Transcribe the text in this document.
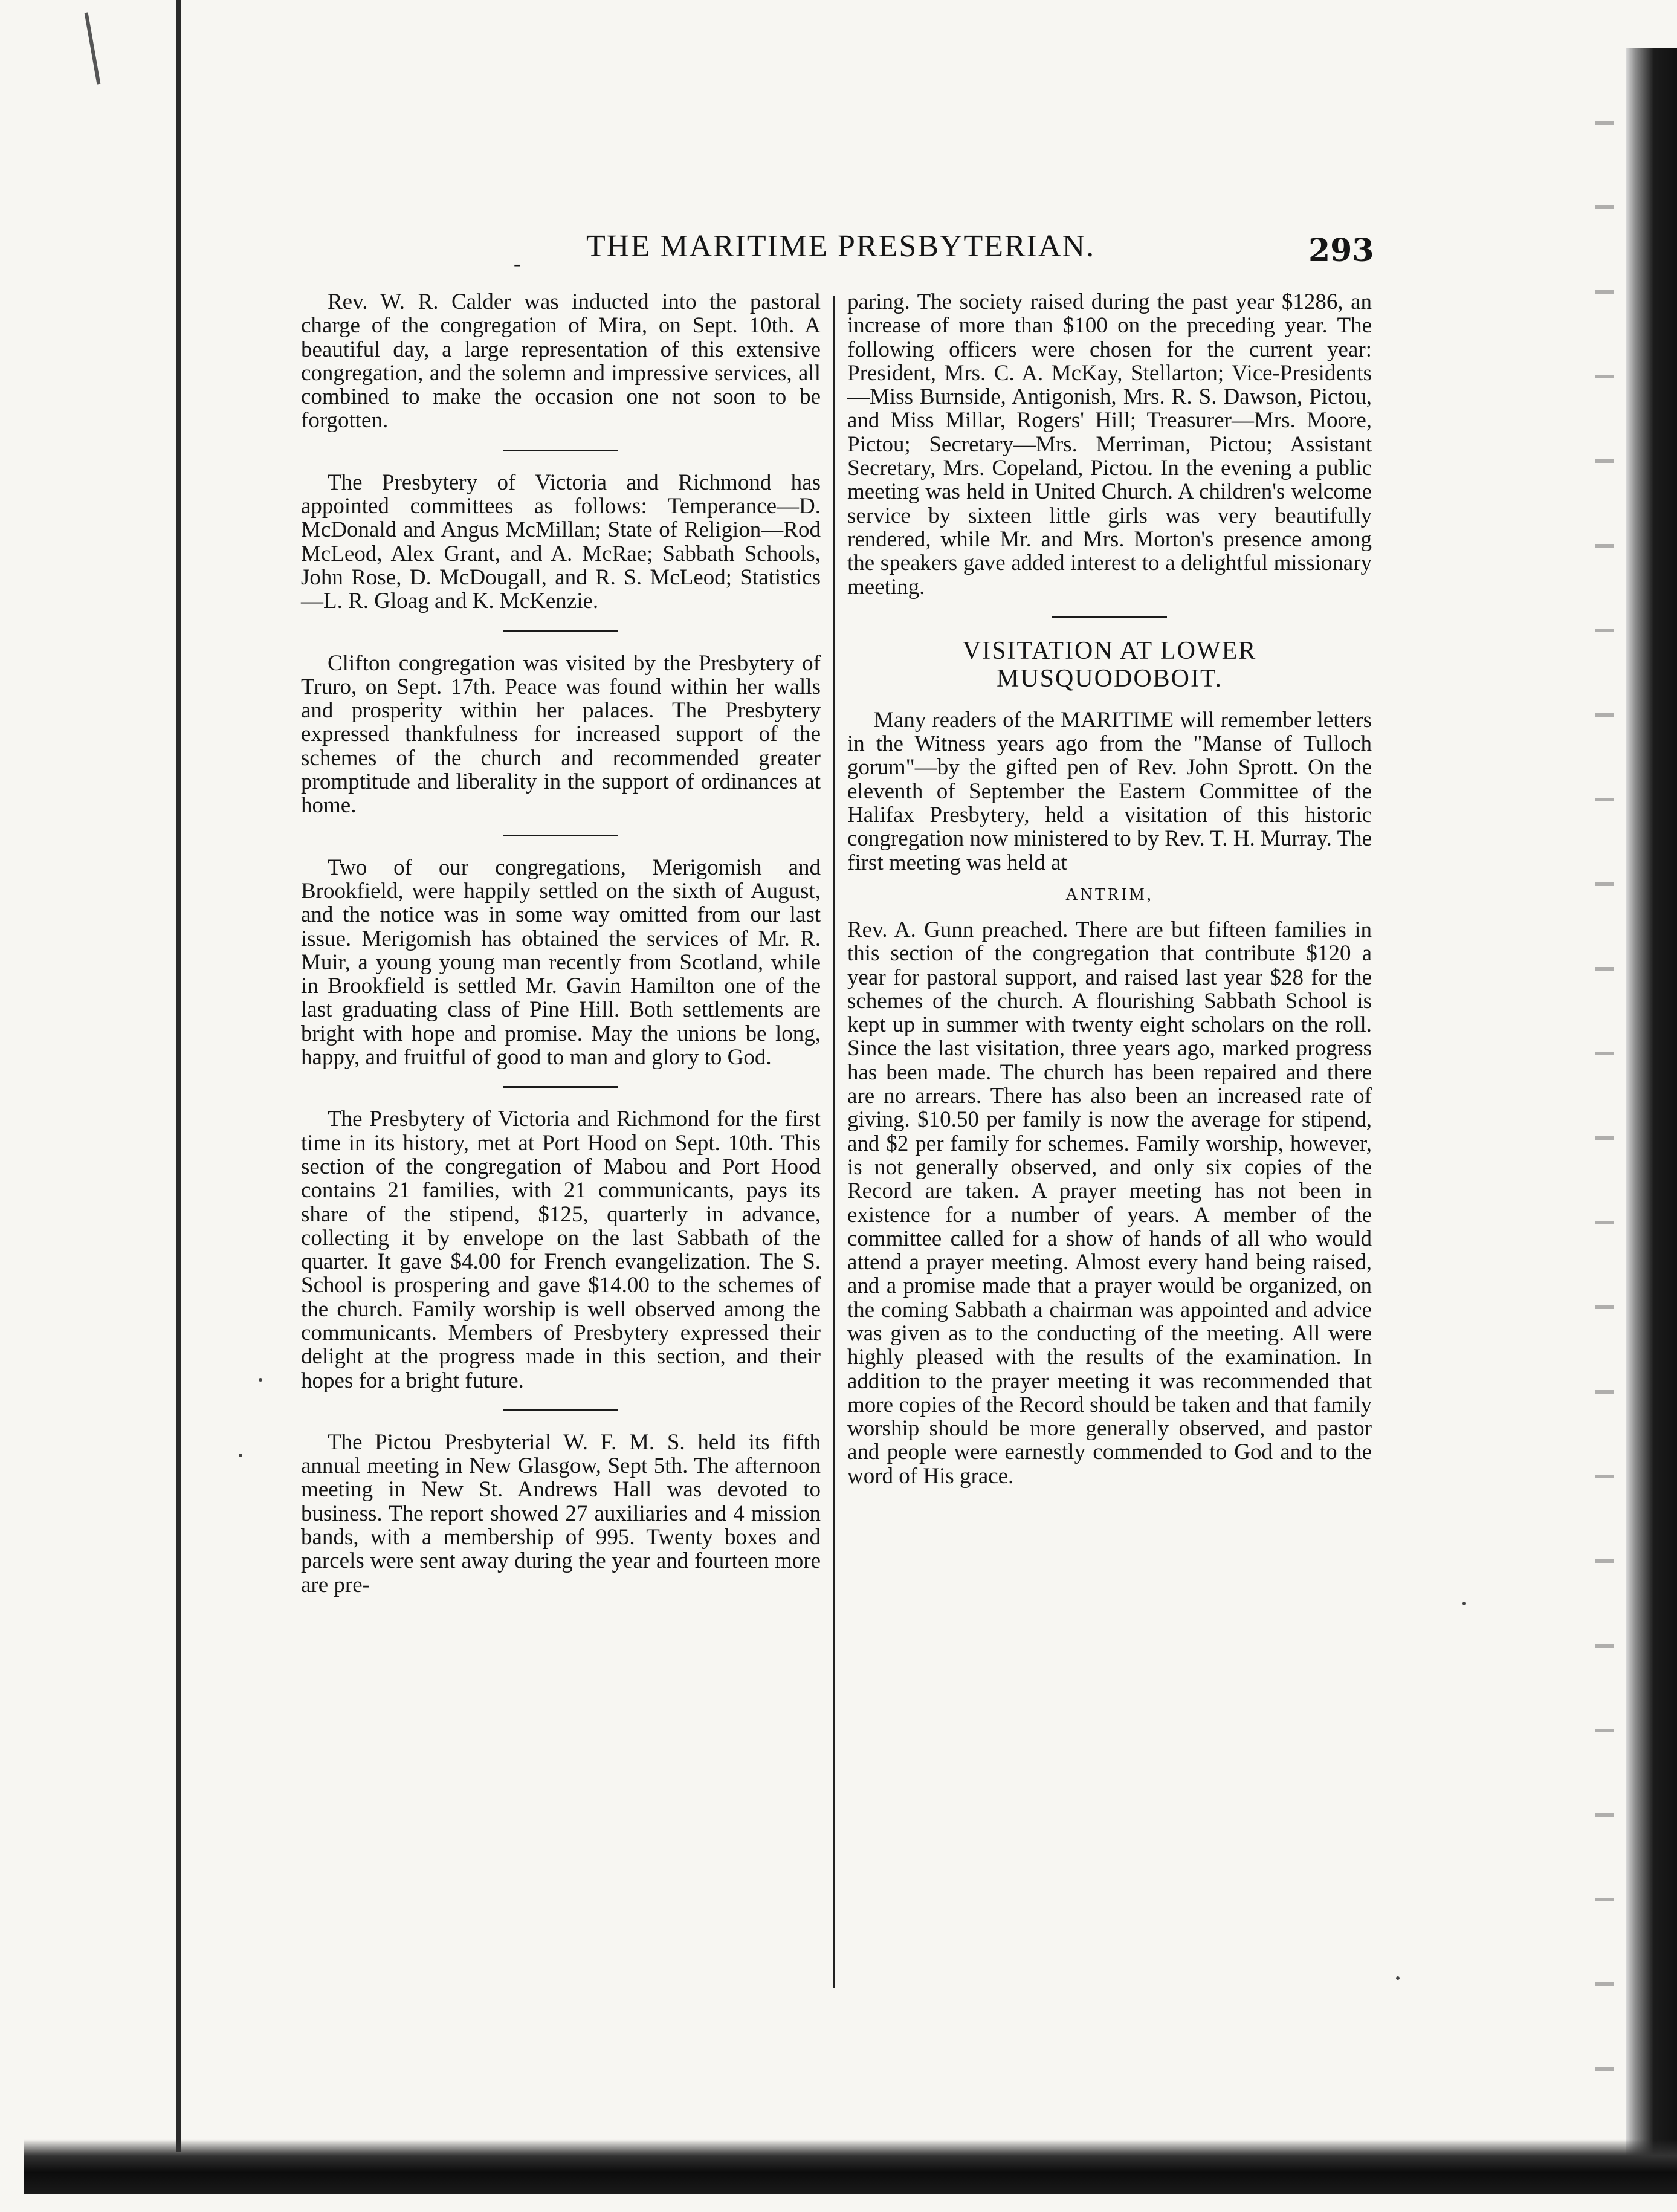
-
THE MARITIME PRESBYTERIAN.	293

Rev. W. R. Calder was inducted into the pastoral charge of the congregation of Mira, on Sept. 10th. A beautiful day, a large representation of this extensive congregation, and the solemn and impressive services, all combined to make the occasion one not soon to be forgotten.

The Presbytery of Victoria and Richmond has appointed committees as follows: Temperance—D. McDonald and Angus McMillan; State of Religion—Rod McLeod, Alex Grant, and A. McRae; Sabbath Schools, John Rose, D. McDougall, and R. S. McLeod; Statistics—L. R. Gloag and K. McKenzie.

Clifton congregation was visited by the Presbytery of Truro, on Sept. 17th. Peace was found within her walls and prosperity within her palaces. The Presbytery expressed thankfulness for increased support of the schemes of the church and recommended greater promptitude and liberality in the support of ordinances at home.

Two of our congregations, Merigomish and Brookfield, were happily settled on the sixth of August, and the notice was in some way omitted from our last issue. Merigomish has obtained the services of Mr. R. Muir, a young young man recently from Scotland, while in Brookfield is settled Mr. Gavin Hamilton one of the last graduating class of Pine Hill. Both settlements are bright with hope and promise. May the unions be long, happy, and fruitful of good to man and glory to God.

The Presbytery of Victoria and Richmond for the first time in its history, met at Port Hood on Sept. 10th. This section of the congregation of Mabou and Port Hood contains 21 families, with 21 communicants, pays its share of the stipend, $125, quarterly in advance, collecting it by envelope on the last Sabbath of the quarter. It gave $4.00 for French evangelization. The S. School is prospering and gave $14.00 to the schemes of the church. Family worship is well observed among the communicants. Members of Presbytery expressed their delight at the progress made in this section, and their hopes for a bright future.

The Pictou Presbyterial W. F. M. S. held its fifth annual meeting in New Glasgow, Sept 5th. The afternoon meeting in New St. Andrews Hall was devoted to business. The report showed 27 auxiliaries and 4 mission bands, with a membership of 995. Twenty boxes and parcels were sent away during the year and fourteen more are pre-

paring. The society raised during the past year $1286, an increase of more than $100 on the preceding year. The following officers were chosen for the current year: President, Mrs. C. A. McKay, Stellarton; Vice-Presidents—Miss Burnside, Antigonish, Mrs. R. S. Dawson, Pictou, and Miss Millar, Rogers' Hill; Treasurer—Mrs. Moore, Pictou; Secretary—Mrs. Merriman, Pictou; Assistant Secretary, Mrs. Copeland, Pictou. In the evening a public meeting was held in United Church. A children's welcome service by sixteen little girls was very beautifully rendered, while Mr. and Mrs. Morton's presence among the speakers gave added interest to a delightful missionary meeting.

VISITATION AT LOWER MUSQUODOBOIT.

Many readers of the MARITIME will remember letters in the Witness years ago from the "Manse of Tulloch gorum"—by the gifted pen of Rev. John Sprott. On the eleventh of September the Eastern Committee of the Halifax Presbytery, held a visitation of this historic congregation now ministered to by Rev. T. H. Murray. The first meeting was held at

ANTRIM,

Rev. A. Gunn preached. There are but fifteen families in this section of the congregation that contribute $120 a year for pastoral support, and raised last year $28 for the schemes of the church. A flourishing Sabbath School is kept up in summer with twenty eight scholars on the roll. Since the last visitation, three years ago, marked progress has been made. The church has been repaired and there are no arrears. There has also been an increased rate of giving. $10.50 per family is now the average for stipend, and $2 per family for schemes. Family worship, however, is not generally observed, and only six copies of the Record are taken. A prayer meeting has not been in existence for a number of years. A member of the committee called for a show of hands of all who would attend a prayer meeting. Almost every hand being raised, and a promise made that a prayer would be organized, on the coming Sabbath a chairman was appointed and advice was given as to the conducting of the meeting. All were highly pleased with the results of the examination. In addition to the prayer meeting it was recommended that more copies of the Record should be taken and that family worship should be more generally observed, and pastor and people were earnestly commended to God and to the word of His grace.
